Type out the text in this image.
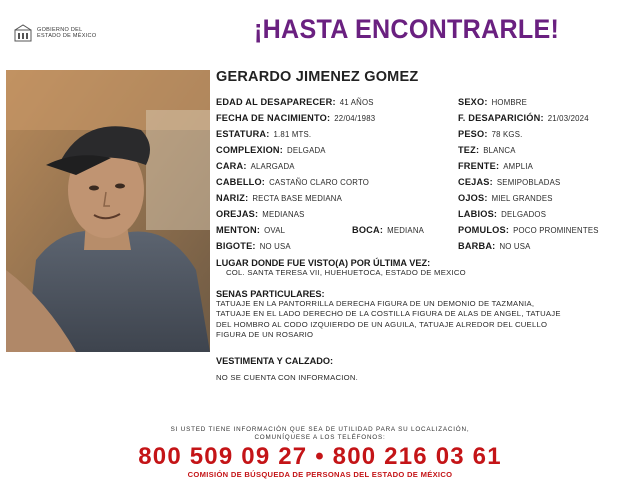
GOBIERNO DEL
ESTADO DE MÉXICO	¡HASTA ENCONTRARLE!
GERARDO JIMENEZ GOMEZ
EDAD AL DESAPARECER: 41 AÑOS
FECHA DE NACIMIENTO: 22/04/1983
ESTATURA: 1.81 MTS.
COMPLEXION: DELGADA
CARA: ALARGADA
CABELLO: CASTAÑO CLARO CORTO
NARIZ: RECTA BASE MEDIANA
OREJAS: MEDIANAS
MENTON: OVAL	BOCA: MEDIANA
BIGOTE: NO USA
SEXO: HOMBRE
F. DESAPARICIÓN: 21/03/2024
PESO: 78 KGS.
TEZ: BLANCA
FRENTE: AMPLIA
CEJAS: SEMIPOBLADAS
OJOS: MIEL GRANDES
LABIOS: DELGADOS
POMULOS: POCO PROMINENTES
BARBA: NO USA
LUGAR DONDE FUE VISTO(A) POR ÚLTIMA VEZ:
COL. SANTA TERESA VII, HUEHUETOCA, ESTADO DE MEXICO
SENAS PARTICULARES:
TATUAJE EN LA PANTORRILLA DERECHA FIGURA DE UN DEMONIO DE TAZMANIA,
TATUAJE EN EL LADO DERECHO DE LA COSTILLA FIGURA DE ALAS DE ANGEL, TATUAJE
DEL HOMBRO AL CODO IZQUIERDO DE UN AGUILA, TATUAJE ALREDOR DEL CUELLO
FIGURA DE UN ROSARIO
VESTIMENTA Y CALZADO:
NO SE CUENTA CON INFORMACION.
SI USTED TIENE INFORMACIÓN QUE SEA DE UTILIDAD PARA SU LOCALIZACIÓN,
COMUNÍQUESE A LOS TELÉFONOS:
800 509 09 27 • 800 216 03 61
COMISIÓN DE BÚSQUEDA DE PERSONAS DEL ESTADO DE MÉXICO
